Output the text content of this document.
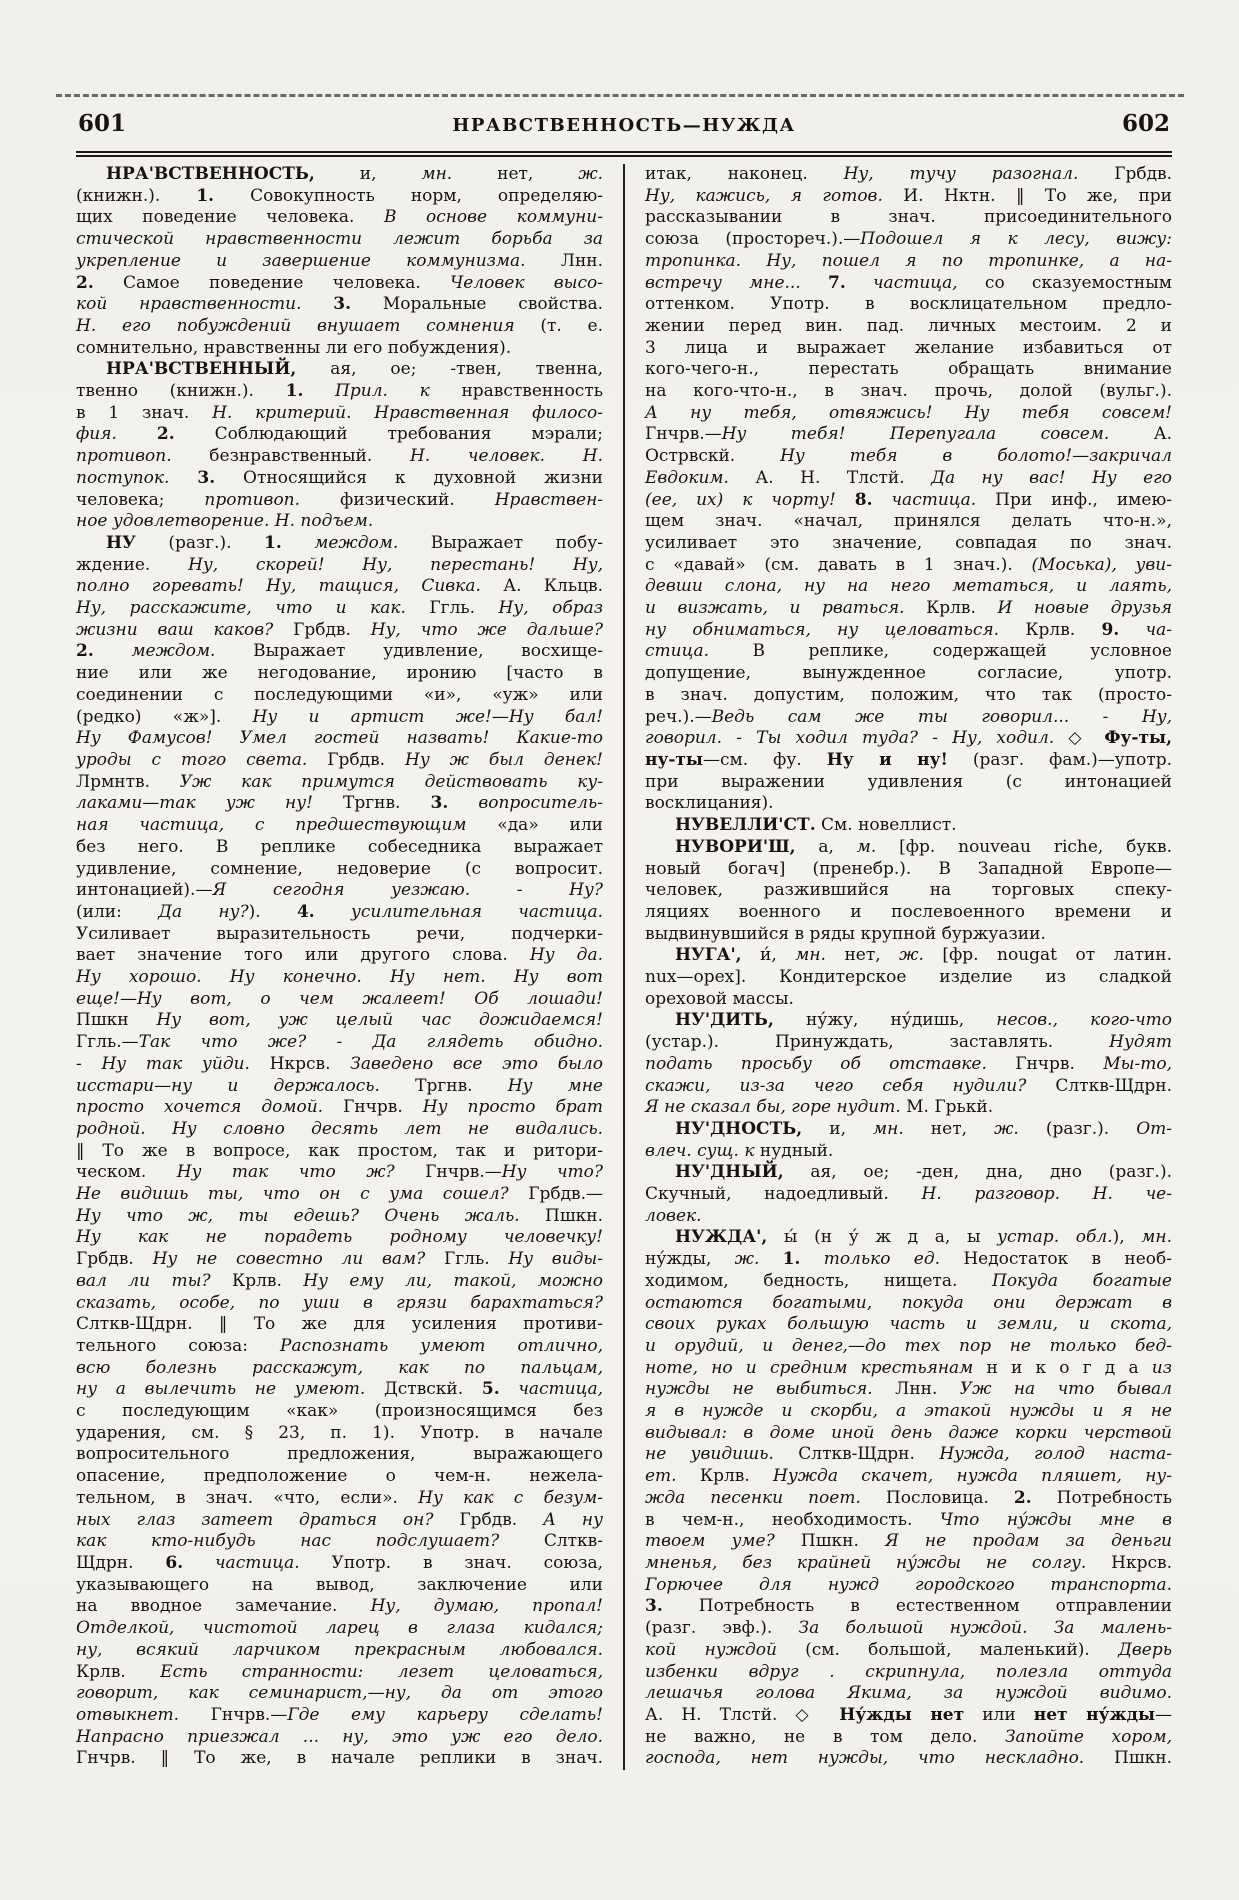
601	НРАВСТВЕННОСТЬ—НУЖДА	602
НРА'ВСТВЕННОСТЬ, и, мн. нет, ж.
(книжн.). 1. Совокупность норм, определяю-
щих поведение человека. В основе коммуни-
стической нравственности лежит борьба за
укрепление и завершение коммунизма. Лнн.
2. Самое поведение человека. Человек высо-
кой нравственности. 3. Моральные свойства.
Н. его побуждений внушает сомнения (т. е.
сомнительно, нравственны ли его побуждения).
НРА'ВСТВЕННЫЙ, ая, ое; -твен, твенна,
твенно (книжн.). 1. Прил. к нравственность
в 1 знач. Н. критерий. Нравственная филосо-
фия. 2. Соблюдающий требования мэрали;
противоп. безнравственный. Н. человек. Н.
поступок. 3. Относящийся к духовной жизни
человека; противоп. физический. Нравствен-
ное удовлетворение. Н. подъем.
НУ (разг.). 1. междом. Выражает побу-
ждение. Ну, скорей! Ну, перестань! Ну,
полно горевать! Ну, тащися, Сивка. А. Кльцв.
Ну, расскажите, что и как. Ггль. Ну, образ
жизни ваш каков? Грбдв. Ну, что же дальше?
2. междом. Выражает удивление, восхище-
ние или же негодование, иронию [часто в
соединении с последующими «и», «уж» или
(редко) «ж»]. Ну и артист же!—Ну бал!
Ну Фамусов! Умел гостей назвать! Какие-то
уроды с того света. Грбдв. Ну ж был денек!
Лрмнтв. Уж как примутся действовать ку-
лаками—так уж ну! Тргнв. 3. вопроситель-
ная частица, с предшествующим «да» или
без него. В реплике собеседника выражает
удивление, сомнение, недоверие (с вопросит.
интонацией).—Я сегодня уезжаю. - Ну?
(или: Да ну?). 4. усилительная частица.
Усиливает выразительность речи, подчерки-
вает значение того или другого слова. Ну да.
Ну хорошо. Ну конечно. Ну нет. Ну вот
еще!—Ну вот, о чем жалеет! Об лошади!
Пшкн Ну вот, уж целый час дожидаемся!
Ггль.—Так что же? - Да глядеть обидно.
- Ну так уйди. Нкрсв. Заведено все это было
исстари—ну и держалось. Тргнв. Ну мне
просто хочется домой. Гнчрв. Ну просто брат
родной. Ну словно десять лет не видались.
‖ То же в вопросе, как простом, так и ритори-
ческом. Ну так что ж? Гнчрв.—Ну что?
Не видишь ты, что он с ума сошел? Грбдв.—
Ну что ж, ты едешь? Очень жаль. Пшкн.
Ну как не порадеть родному человечку!
Грбдв. Ну не совестно ли вам? Ггль. Ну виды-
вал ли ты? Крлв. Ну ему ли, такой, можно
сказать, особе, по уши в грязи барахтаться?
Слткв-Щдрн. ‖ То же для усиления противи-
тельного союза: Распознать умеют отлично,
всю болезнь расскажут, как по пальцам,
ну а вылечить не умеют. Дствскй. 5. частица,
с последующим «как» (произносящимся без
ударения, см. § 23, п. 1). Употр. в начале
вопросительного предложения, выражающего
опасение, предположение о чем-н. нежела-
тельном, в знач. «что, если». Ну как с безум-
ных глаз затеет драться он? Грбдв. А ну
как кто-нибудь нас подслушает? Слткв-
Щдрн. 6. частица. Употр. в знач. союза,
указывающего на вывод, заключение или
на вводное замечание. Ну, думаю, пропал!
Отделкой, чистотой ларец в глаза кидался;
ну, всякий ларчиком прекрасным любовался.
Крлв. Есть странности: лезет целоваться,
говорит, как семинарист,—ну, да от этого
отвыкнет. Гнчрв.—Где ему карьеру сделать!
Напрасно приезжал ... ну, это уж его дело.
Гнчрв. ‖ То же, в начале реплики в знач.
итак, наконец. Ну, тучу разогнал. Грбдв.
Ну, кажись, я готов. И. Нктн. ‖ То же, при
рассказывании в знач. присоединительного
союза (простореч.).—Подошел я к лесу, вижу:
тропинка. Ну, пошел я по тропинке, а на-
встречу мне... 7. частица, со сказуемостным
оттенком. Употр. в восклицательном предло-
жении перед вин. пад. личных местоим. 2 и
3 лица и выражает желание избавиться от
кого-чего-н., перестать обращать внимание
на кого-что-н., в знач. прочь, долой (вульг.).
А ну тебя, отвяжись! Ну тебя совсем!
Гнчрв.—Ну тебя! Перепугала совсем. А.
Острвскй. Ну тебя в болото!—закричал
Евдоким. А. Н. Тлстй. Да ну вас! Ну его
(ее, их) к чорту! 8. частица. При инф., имею-
щем знач. «начал, принялся делать что-н.»,
усиливает это значение, совпадая по знач.
с «давай» (см. давать в 1 знач.). (Моська), уви-
девши слона, ну на него метаться, и лаять,
и визжать, и рваться. Крлв. И новые друзья
ну обниматься, ну целоваться. Крлв. 9. ча-
стица. В реплике, содержащей условное
допущение, вынужденное согласие, употр.
в знач. допустим, положим, что так (просто-
реч.).—Ведь сам же ты говорил... - Ну,
говорил. - Ты ходил туда? - Ну, ходил. ◇ Фу-ты,
ну-ты—см. фу. Ну и ну! (разг. фам.)—употр.
при выражении удивления (с интонацией
восклицания).
НУВЕЛЛИ'СТ. См. новеллист.
НУВОРИ'Ш, а, м. [фр. nouveau riche, букв.
новый богач] (пренебр.). В Западной Европе—
человек, разжившийся на торговых спеку-
ляциях военного и послевоенного времени и
выдвинувшийся в ряды крупной буржуазии.
НУГА', и́, мн. нет, ж. [фр. nougat от латин.
nux—орех]. Кондитерское изделие из сладкой
ореховой массы.
НУ'ДИТЬ, ну́жу, ну́дишь, несов., кого-что
(устар.). Принуждать, заставлять. Нудят
подать просьбу об отставке. Гнчрв. Мы-то,
скажи, из-за чего себя нудили? Слткв-Щдрн.
Я не сказал бы, горе нудит. М. Грькй.
НУ'ДНОСТЬ, и, мн. нет, ж. (разг.). От-
влеч. сущ. к нудный.
НУ'ДНЫЙ, ая, ое; -ден, дна, дно (разг.).
Скучный, надоедливый. Н. разговор. Н. че-
ловек.
НУЖДА', ы́ (н у́ ж д а, ы устар. обл.), мн.
ну́жды, ж. 1. только ед. Недостаток в необ-
ходимом, бедность, нищета. Покуда богатые
остаются богатыми, покуда они держат в
своих руках большую часть и земли, и скота,
и орудий, и денег,—до тех пор не только бед-
ноте, но и средним крестьянам н и к о г д а из
нужды не выбиться. Лнн. Уж на что бывал
я в нужде и скорби, а этакой нужды и я не
видывал: в доме иной день даже корки черствой
не увидишь. Слткв-Щдрн. Нужда, голод наста-
ет. Крлв. Нужда скачет, нужда пляшет, ну-
жда песенки поет. Пословица. 2. Потребность
в чем-н., необходимость. Что ну́жды мне в
твоем уме? Пшкн. Я не продам за деньги
мненья, без крайней ну́жды не солгу. Нкрсв.
Горючее для нужд городского транспорта.
3. Потребность в естественном отправлении
(разг. эвф.). За большой нуждой. За малень-
кой нуждой (см. большой, маленький). Дверь
избенки вдруг . скрипнула, полезла оттуда
лешачья голова Якима, за нуждой видимо.
А. Н. Тлстй. ◇ Ну́жды нет или нет ну́жды—
не важно, не в том дело. Запойте хором,
господа, нет нужды, что нескладно. Пшкн.
